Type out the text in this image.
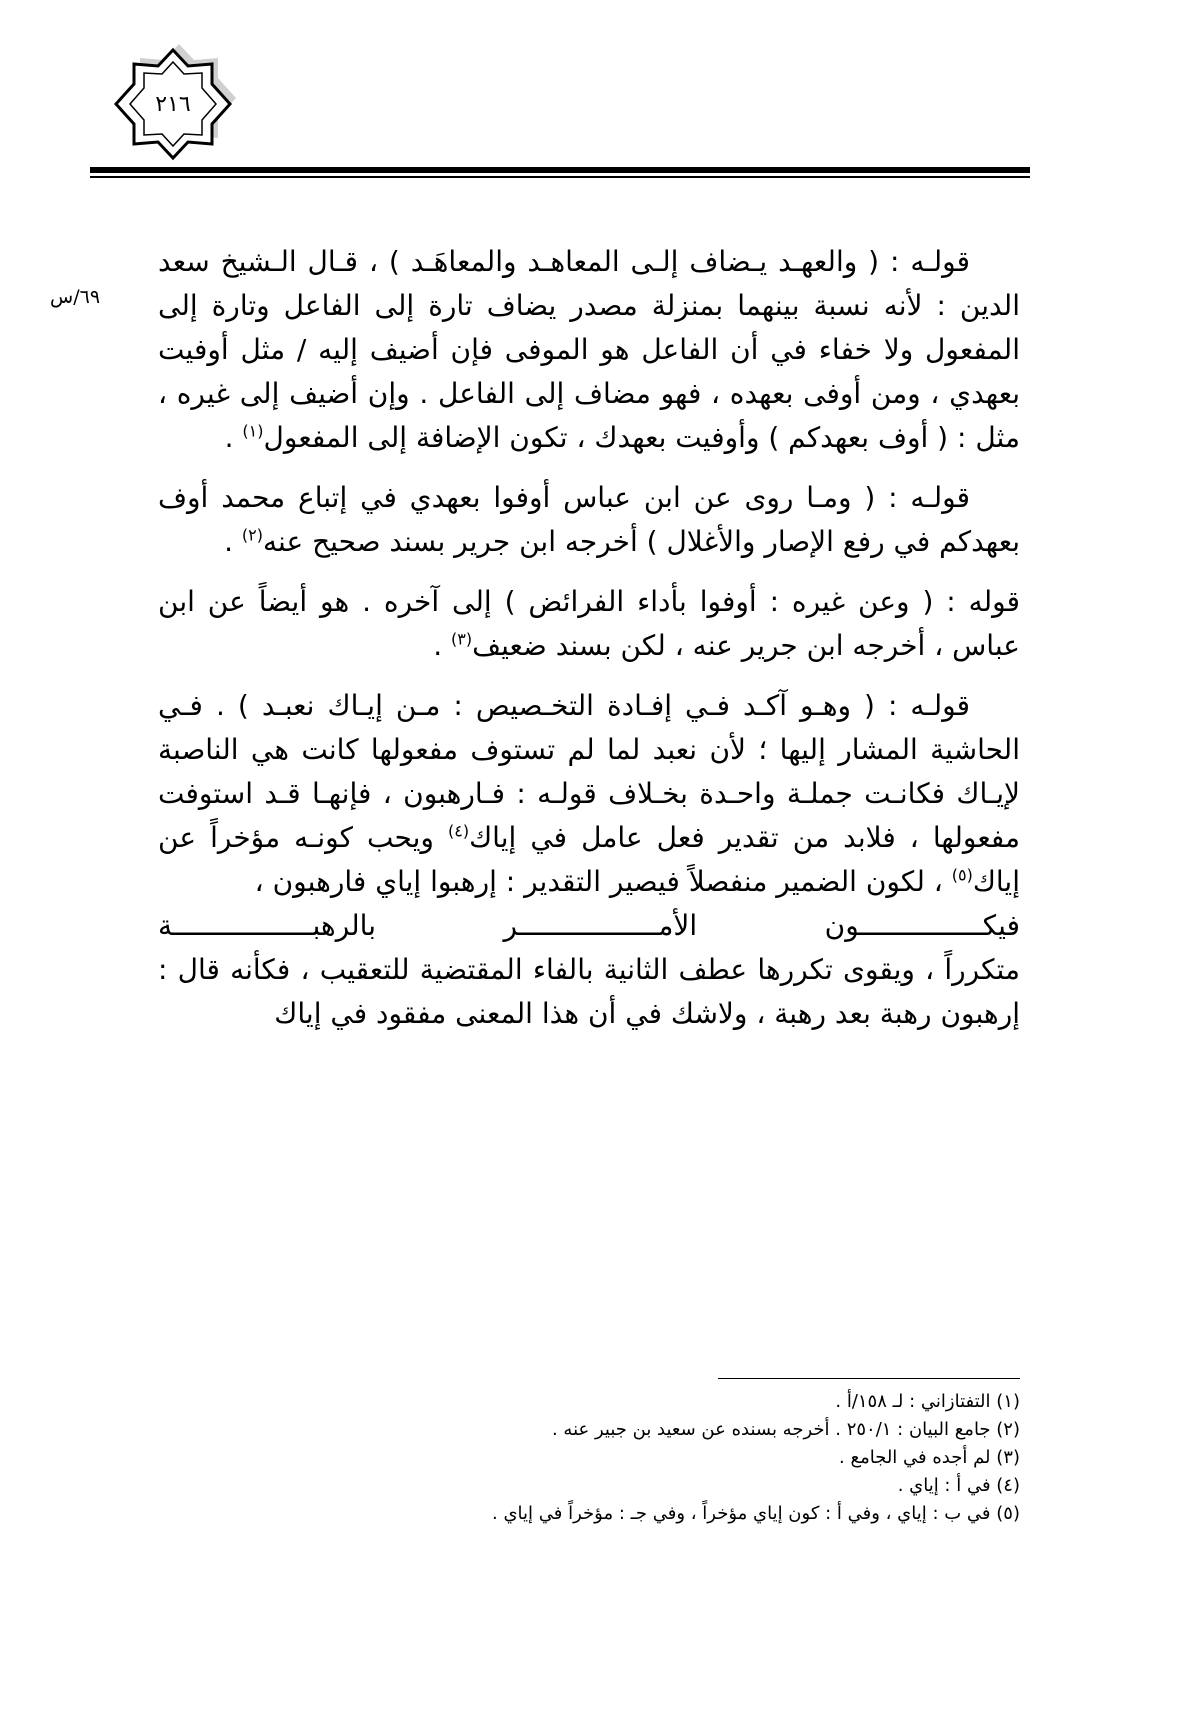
٢١٦
٦٩/س

قولـه : ( والعهـد يـضاف إلـى المعاهـد والمعاهَـد ) ، قـال الـشيخ سعد الدين : لأنه نسبة بينهما بمنزلة مصدر يضاف تارة إلى الفاعل وتارة إلى المفعول ولا خفاء في أن الفاعل هو الموفى فإن أضيف إليه / مثل أوفيت بعهدي ، ومن أوفى بعهده ، فهو مضاف إلى الفاعل . وإن أضيف إلى غيره ، مثل : ( أوف بعهدكم ) وأوفيت بعهدك ، تكون الإضافة إلى المفعول$^{(١)}$ .

قولـه : ( ومـا روى عن ابن عباس أوفوا بعهدي في إتباع محمد أوف بعهدكم في رفع الإصار والأغلال ) أخرجه ابن جرير بسند صحيح عنه$^{(٢)}$ .

قوله : ( وعن غيره : أوفوا بأداء الفرائض ) إلى آخره . هو أيضاً عن ابن عباس ، أخرجه ابن جرير عنه ، لكن بسند ضعيف$^{(٣)}$ .

قولـه : ( وهـو آكـد فـي إفـادة التخـصيص : مـن إيـاك نعبـد ) . فـي الحاشية المشار إليها ؛ لأن نعبد لما لم تستوف مفعولها كانت هي الناصبة لإيـاك فكانـت جملـة واحـدة بخـلاف قولـه : فـارهبون ، فإنهـا قـد استوفت مفعولها ، فلابد من تقدير فعل عامل في إياك$^{(٤)}$ ويحب كونـه مؤخراً عن إياك$^{(٥)}$ ، لكون الضمير منفصلاً فيصير التقدير : إرهبوا إياي فارهبون ،

فيكـــــــــــــــون
الأمـــــــــــــــــر
بالرهبـــــــــــــــــة

متكرراً ، ويقوى تكررها عطف الثانية بالفاء المقتضية للتعقيب ، فكأنه قال : إرهبون رهبة بعد رهبة ، ولاشك في أن هذا المعنى مفقود في إياك

(١) التفتازاني : لـ ١٥٨/أ .
(٢) جامع البيان : ٢٥٠/١ . أخرجه بسنده عن سعيد بن جبير عنه .
(٣) لم أجده في الجامع .
(٤) في أ : إياي .
(٥) في ب : إياي ، وفي أ : كون إياي مؤخراً ، وفي جـ : مؤخراً في إياي .
